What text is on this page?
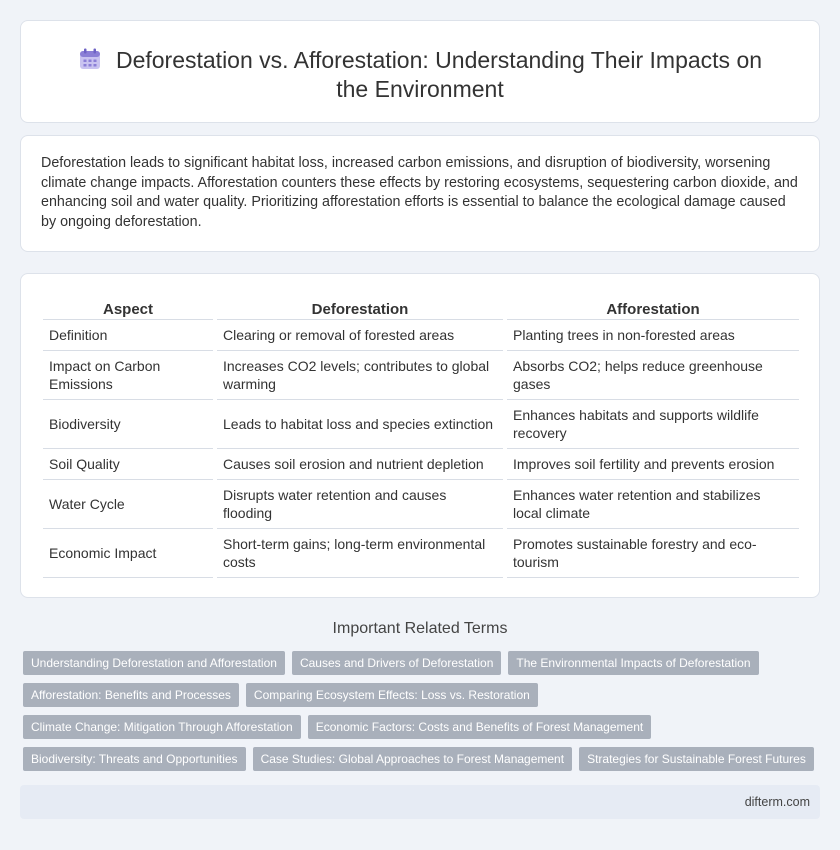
Deforestation vs. Afforestation: Understanding Their Impacts on the Environment

Deforestation leads to significant habitat loss, increased carbon emissions, and disruption of biodiversity, worsening climate change impacts. Afforestation counters these effects by restoring ecosystems, sequestering carbon dioxide, and enhancing soil and water quality. Prioritizing afforestation efforts is essential to balance the ecological damage caused by ongoing deforestation.

Aspect		Deforestation		Afforestation
Definition		Clearing or removal of forested areas		Planting trees in non-forested areas
Impact on Carbon Emissions		Increases CO2 levels; contributes to global warming		Absorbs CO2; helps reduce greenhouse gases
Biodiversity		Leads to habitat loss and species extinction		Enhances habitats and supports wildlife recovery
Soil Quality		Causes soil erosion and nutrient depletion		Improves soil fertility and prevents erosion
Water Cycle		Disrupts water retention and causes flooding		Enhances water retention and stabilizes local climate
Economic Impact		Short-term gains; long-term environmental costs		Promotes sustainable forestry and eco-tourism
Important Related Terms
Understanding Deforestation and Afforestation Causes and Drivers of Deforestation The Environmental Impacts of Deforestation
Afforestation: Benefits and Processes Comparing Ecosystem Effects: Loss vs. Restoration
Climate Change: Mitigation Through Afforestation Economic Factors: Costs and Benefits of Forest Management
Biodiversity: Threats and Opportunities Case Studies: Global Approaches to Forest Management Strategies for Sustainable Forest Futures
difterm.com
